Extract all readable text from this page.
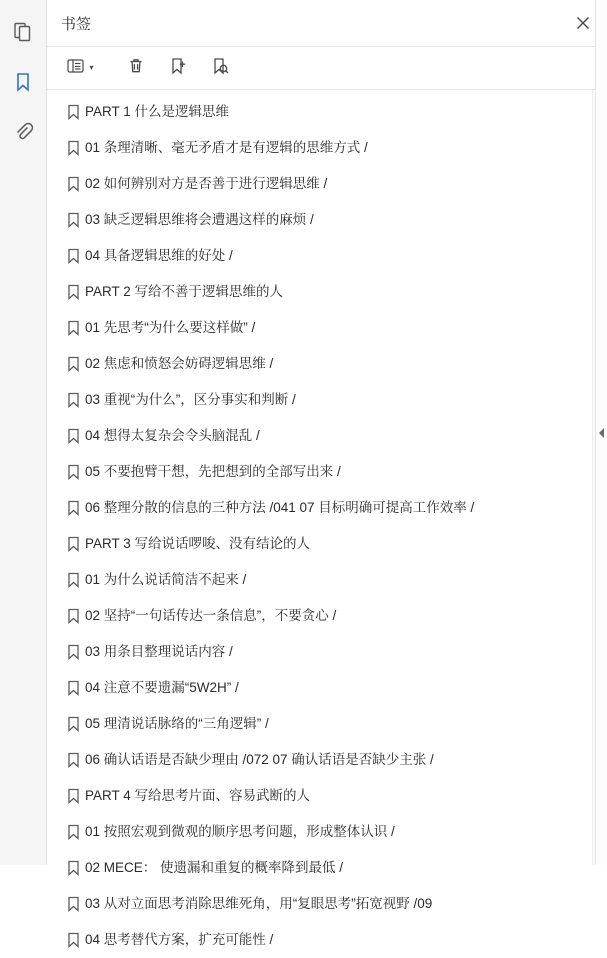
书签
▾
PART 1 什么是逻辑思维
01 条理清晰、毫无矛盾才是有逻辑的思维方式 /
02 如何辨别对方是否善于进行逻辑思维 /
03 缺乏逻辑思维将会遭遇这样的麻烦 /
04 具备逻辑思维的好处 /
PART 2 写给不善于逻辑思维的人
01 先思考“为什么要这样做” /
02 焦虑和愤怒会妨碍逻辑思维 /
03 重视“为什么”，区分事实和判断 /
04 想得太复杂会令头脑混乱 /
05 不要抱臂干想，先把想到的全部写出来 /
06 整理分散的信息的三种方法 /041 07 目标明确可提高工作效率 /
PART 3 写给说话啰唆、没有结论的人
01 为什么说话简洁不起来 /
02 坚持“一句话传达一条信息”，不要贪心 /
03 用条目整理说话内容 /
04 注意不要遗漏“5W2H” /
05 理清说话脉络的“三角逻辑” /
06 确认话语是否缺少理由 /072 07 确认话语是否缺少主张 /
PART 4 写给思考片面、容易武断的人
01 按照宏观到微观的顺序思考问题，形成整体认识 /
02 MECE： 使遗漏和重复的概率降到最低 /
03 从对立面思考消除思维死角，用“复眼思考”拓宽视野 /09
04 思考替代方案，扩充可能性 /
